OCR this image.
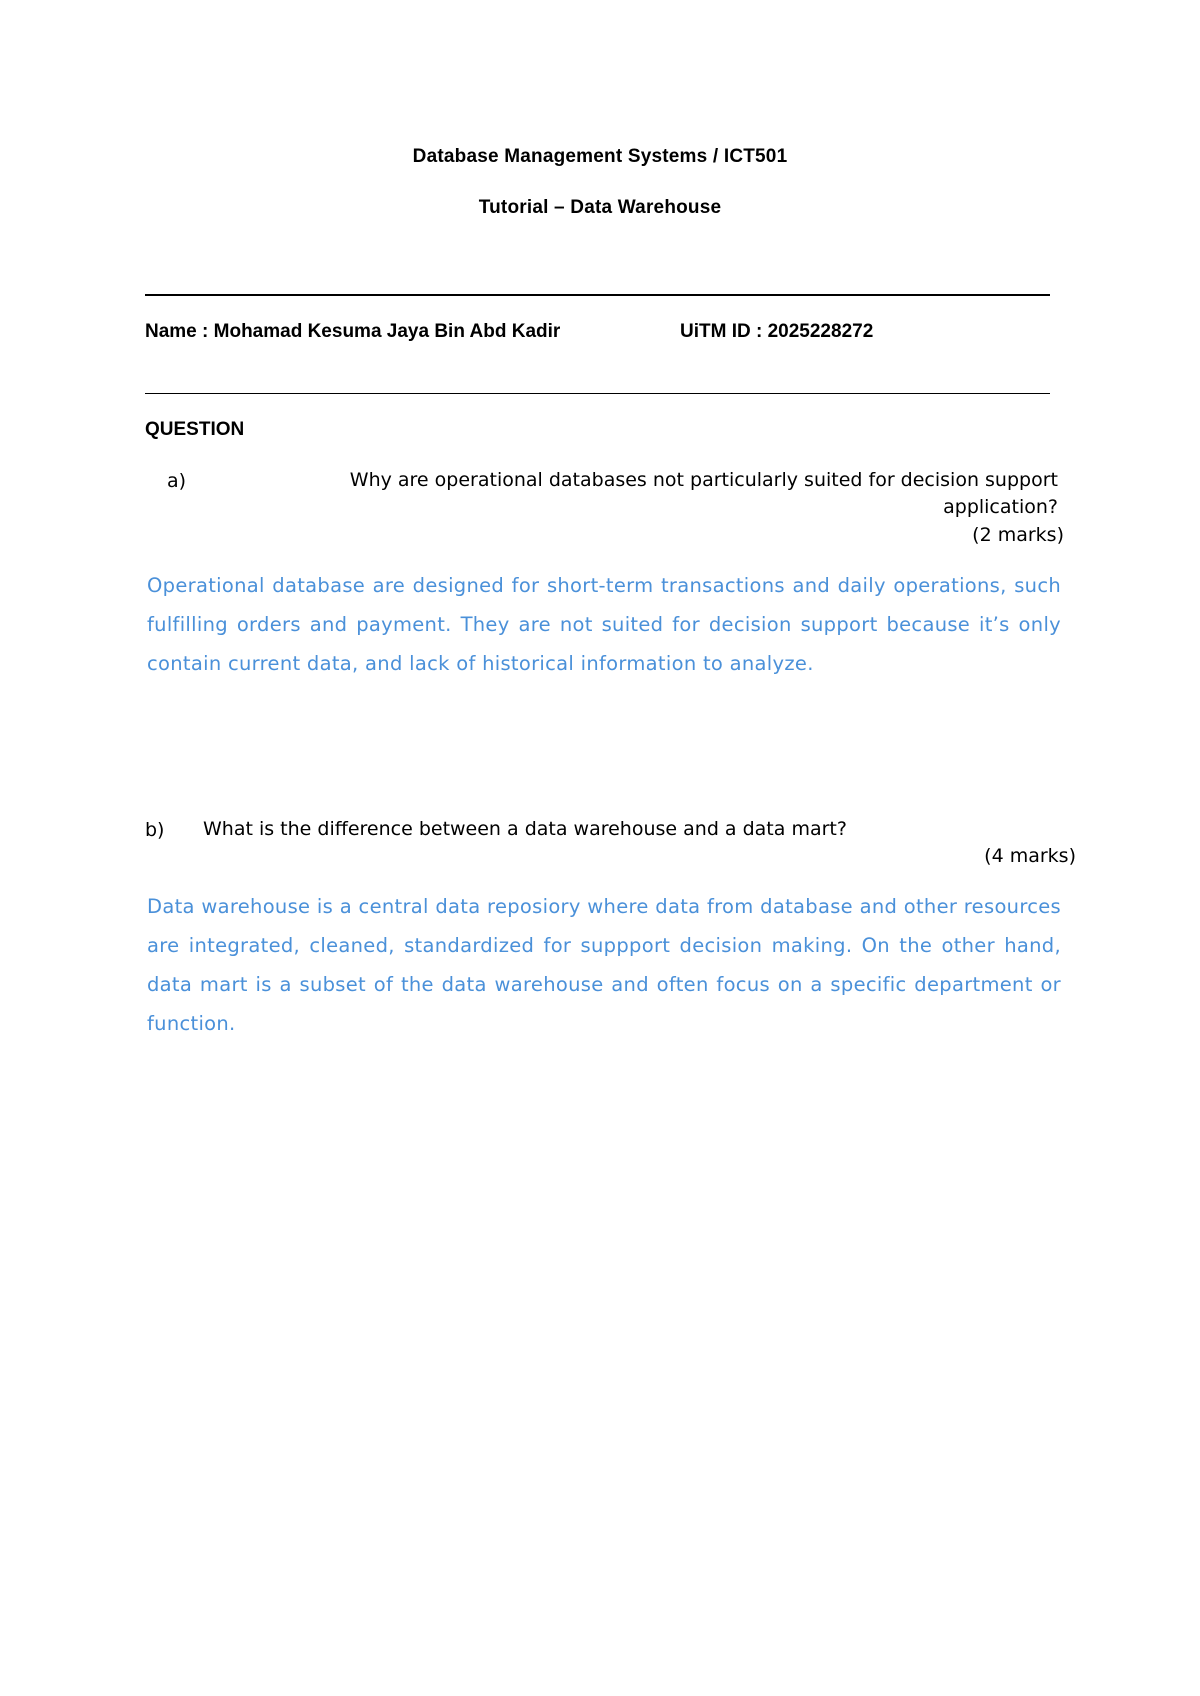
Database Management Systems / ICT501
Tutorial – Data Warehouse
Name : Mohamad Kesuma Jaya Bin Abd Kadir	UiTM ID : 2025228272
QUESTION
a)	Why are operational databases not particularly suited for decision support
application?
(2 marks)
Operational database are designed for short-term transactions and daily operations, such fulfilling orders and payment. They are not suited for decision support because it’s only contain current data, and lack of historical information to analyze.
b) What is the difference between a data warehouse and a data mart?
(4 marks)
Data warehouse is a central data reposiory where data from database and other resources are integrated, cleaned, standardized for suppport decision making. On the other hand, data mart is a subset of the data warehouse and often focus on a specific department or function.
